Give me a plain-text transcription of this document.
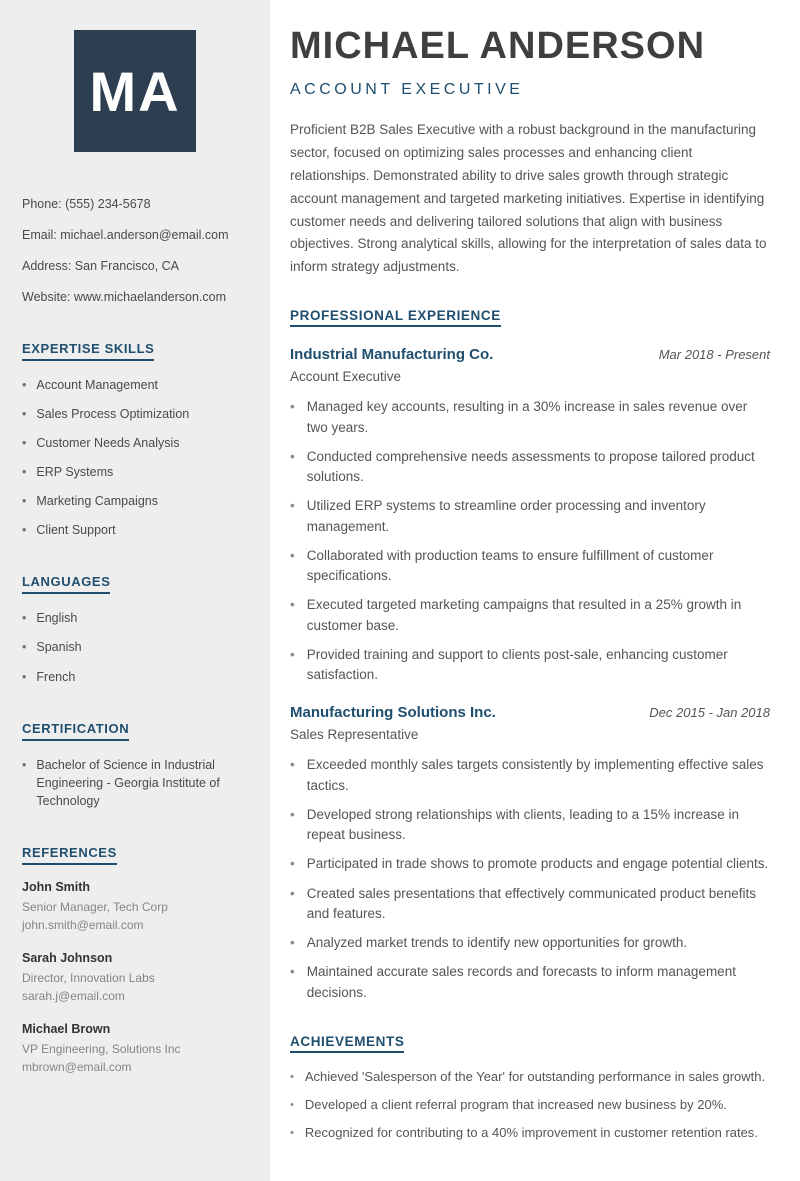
MA

Phone: (555) 234-5678

Email: michael.anderson@email.com

Address: San Francisco, CA

Website: www.michaelanderson.com

EXPERTISE SKILLS
• Account Management
• Sales Process Optimization
• Customer Needs Analysis
• ERP Systems
• Marketing Campaigns
• Client Support
LANGUAGES
• English
• Spanish
• French
CERTIFICATION
• Bachelor of Science in Industrial Engineering - Georgia Institute of Technology
REFERENCES

John Smith

Senior Manager, Tech Corp

john.smith@email.com

Sarah Johnson

Director, Innovation Labs

sarah.j@email.com

Michael Brown

VP Engineering, Solutions Inc

mbrown@email.com

MICHAEL ANDERSON
ACCOUNT EXECUTIVE

Proficient B2B Sales Executive with a robust background in the manufacturing sector, focused on optimizing sales processes and enhancing client relationships. Demonstrated ability to drive sales growth through strategic account management and targeted marketing initiatives. Expertise in identifying customer needs and delivering tailored solutions that align with business objectives. Strong analytical skills, allowing for the interpretation of sales data to inform strategy adjustments.

PROFESSIONAL EXPERIENCE
Industrial Manufacturing Co.	Mar 2018 - Present
Account Executive
• Managed key accounts, resulting in a 30% increase in sales revenue over two years.
• Conducted comprehensive needs assessments to propose tailored product solutions.
• Utilized ERP systems to streamline order processing and inventory management.
• Collaborated with production teams to ensure fulfillment of customer specifications.
• Executed targeted marketing campaigns that resulted in a 25% growth in customer base.
• Provided training and support to clients post-sale, enhancing customer satisfaction.
Manufacturing Solutions Inc.	Dec 2015 - Jan 2018
Sales Representative
• Exceeded monthly sales targets consistently by implementing effective sales tactics.
• Developed strong relationships with clients, leading to a 15% increase in repeat business.
• Participated in trade shows to promote products and engage potential clients.
• Created sales presentations that effectively communicated product benefits and features.
• Analyzed market trends to identify new opportunities for growth.
• Maintained accurate sales records and forecasts to inform management decisions.
ACHIEVEMENTS
• Achieved 'Salesperson of the Year' for outstanding performance in sales growth.
• Developed a client referral program that increased new business by 20%.
• Recognized for contributing to a 40% improvement in customer retention rates.
